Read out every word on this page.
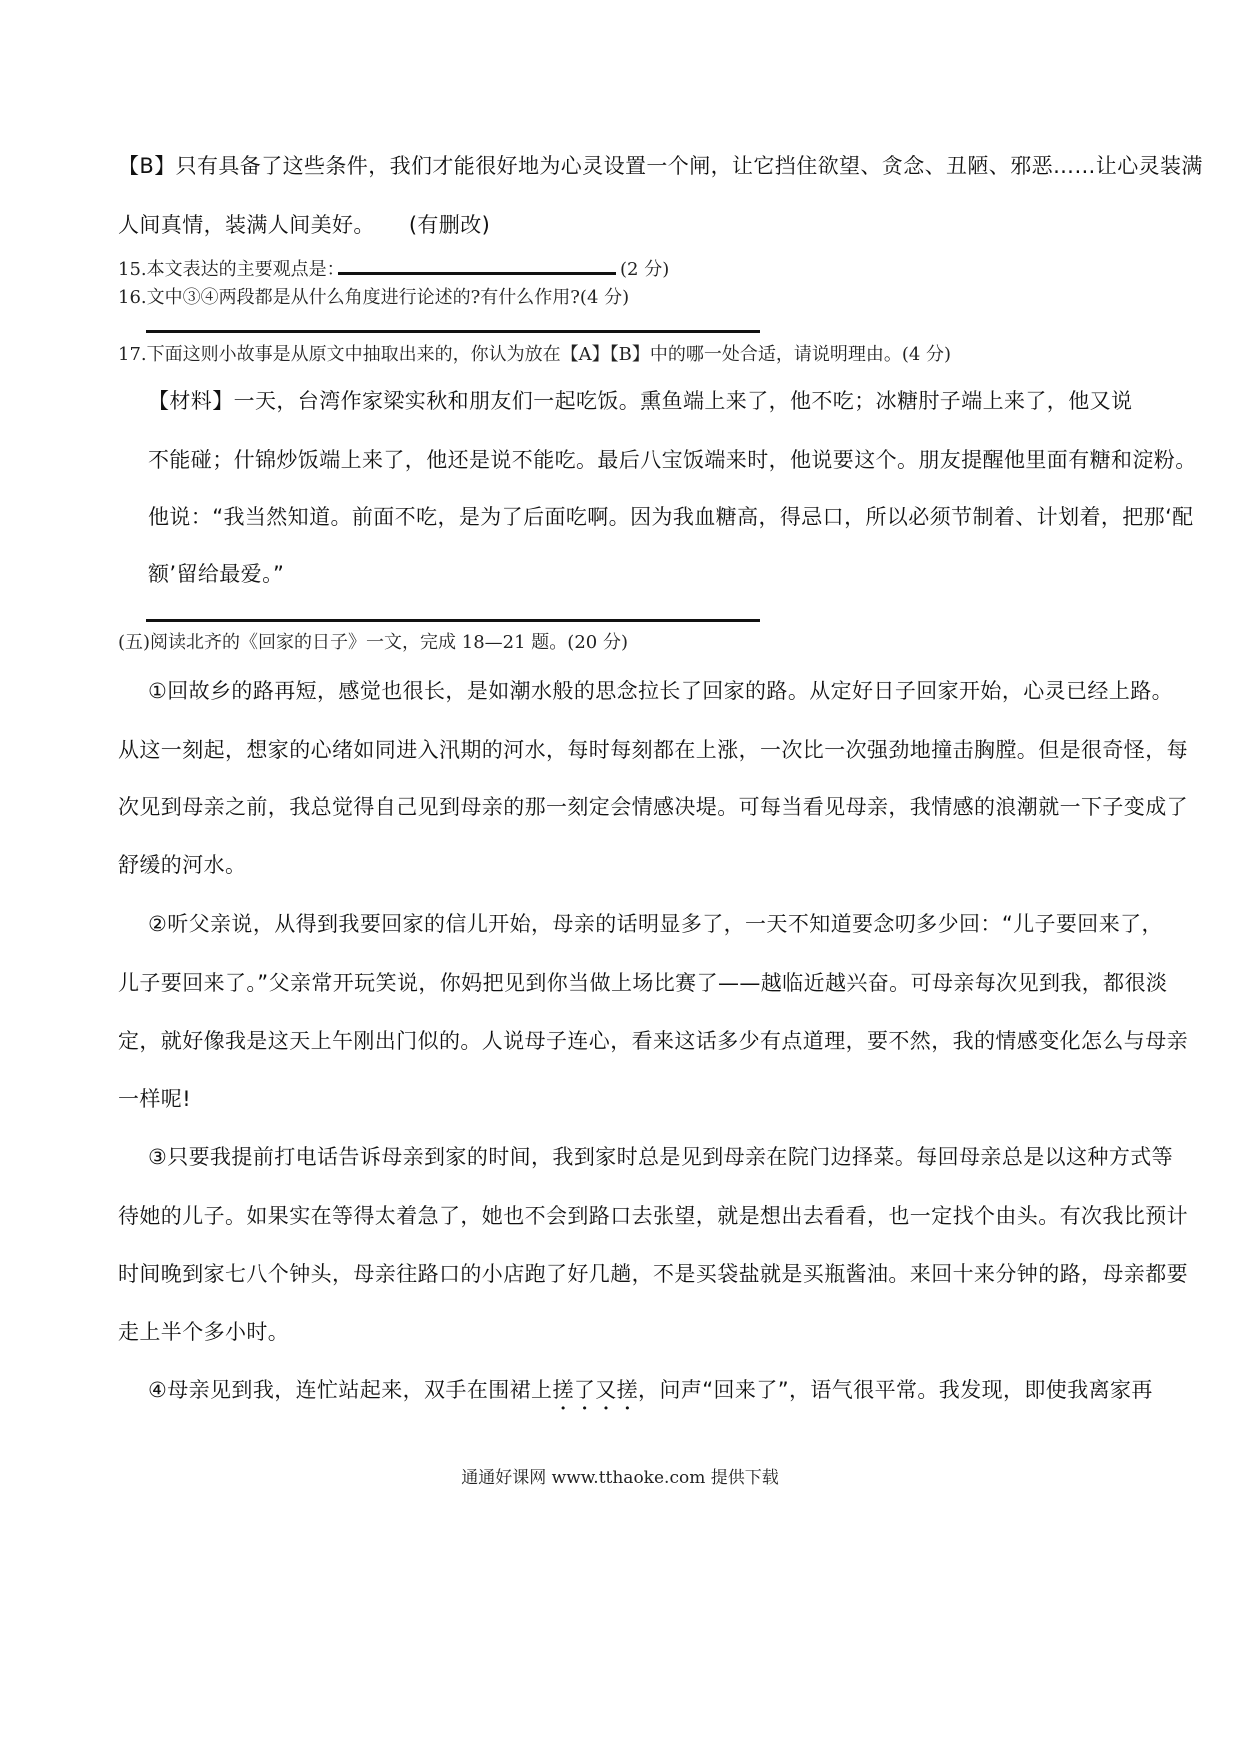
【B】只有具备了这些条件，我们才能很好地为心灵设置一个闸，让它挡住欲望、贪念、丑陋、邪恶……让心灵装满
人间真情，装满人间美好。 (有删改)
15.本文表达的主要观点是：	(2 分)
16.文中③④两段都是从什么角度进行论述的?有什么作用?(4 分)
17.下面这则小故事是从原文中抽取出来的，你认为放在【A】【B】中的哪一处合适，请说明理由。(4 分)
【材料】一天，台湾作家梁实秋和朋友们一起吃饭。熏鱼端上来了，他不吃；冰糖肘子端上来了，他又说
不能碰；什锦炒饭端上来了，他还是说不能吃。最后八宝饭端来时，他说要这个。朋友提醒他里面有糖和淀粉。
他说：“我当然知道。前面不吃，是为了后面吃啊。因为我血糖高，得忌口，所以必须节制着、计划着，把那‘配
额’留给最爱。”
(五)阅读北齐的《回家的日子》一文，完成 18—21 题。(20 分)
①回故乡的路再短，感觉也很长，是如潮水般的思念拉长了回家的路。从定好日子回家开始，心灵已经上路。
从这一刻起，想家的心绪如同进入汛期的河水，每时每刻都在上涨，一次比一次强劲地撞击胸膛。但是很奇怪，每
次见到母亲之前，我总觉得自己见到母亲的那一刻定会情感决堤。可每当看见母亲，我情感的浪潮就一下子变成了
舒缓的河水。
②听父亲说，从得到我要回家的信儿开始，母亲的话明显多了，一天不知道要念叨多少回：“儿子要回来了，
儿子要回来了。”父亲常开玩笑说，你妈把见到你当做上场比赛了——越临近越兴奋。可母亲每次见到我，都很淡
定，就好像我是这天上午刚出门似的。人说母子连心，看来这话多少有点道理，要不然，我的情感变化怎么与母亲
一样呢!
③只要我提前打电话告诉母亲到家的时间，我到家时总是见到母亲在院门边择菜。每回母亲总是以这种方式等
待她的儿子。如果实在等得太着急了，她也不会到路口去张望，就是想出去看看，也一定找个由头。有次我比预计
时间晚到家七八个钟头，母亲往路口的小店跑了好几趟，不是买袋盐就是买瓶酱油。来回十来分钟的路，母亲都要
走上半个多小时。
④母亲见到我，连忙站起来，双手在围裙上搓了又搓，问声“回来了”，语气很平常。我发现，即使我离家再
通通好课网 www.tthaoke.com 提供下载
